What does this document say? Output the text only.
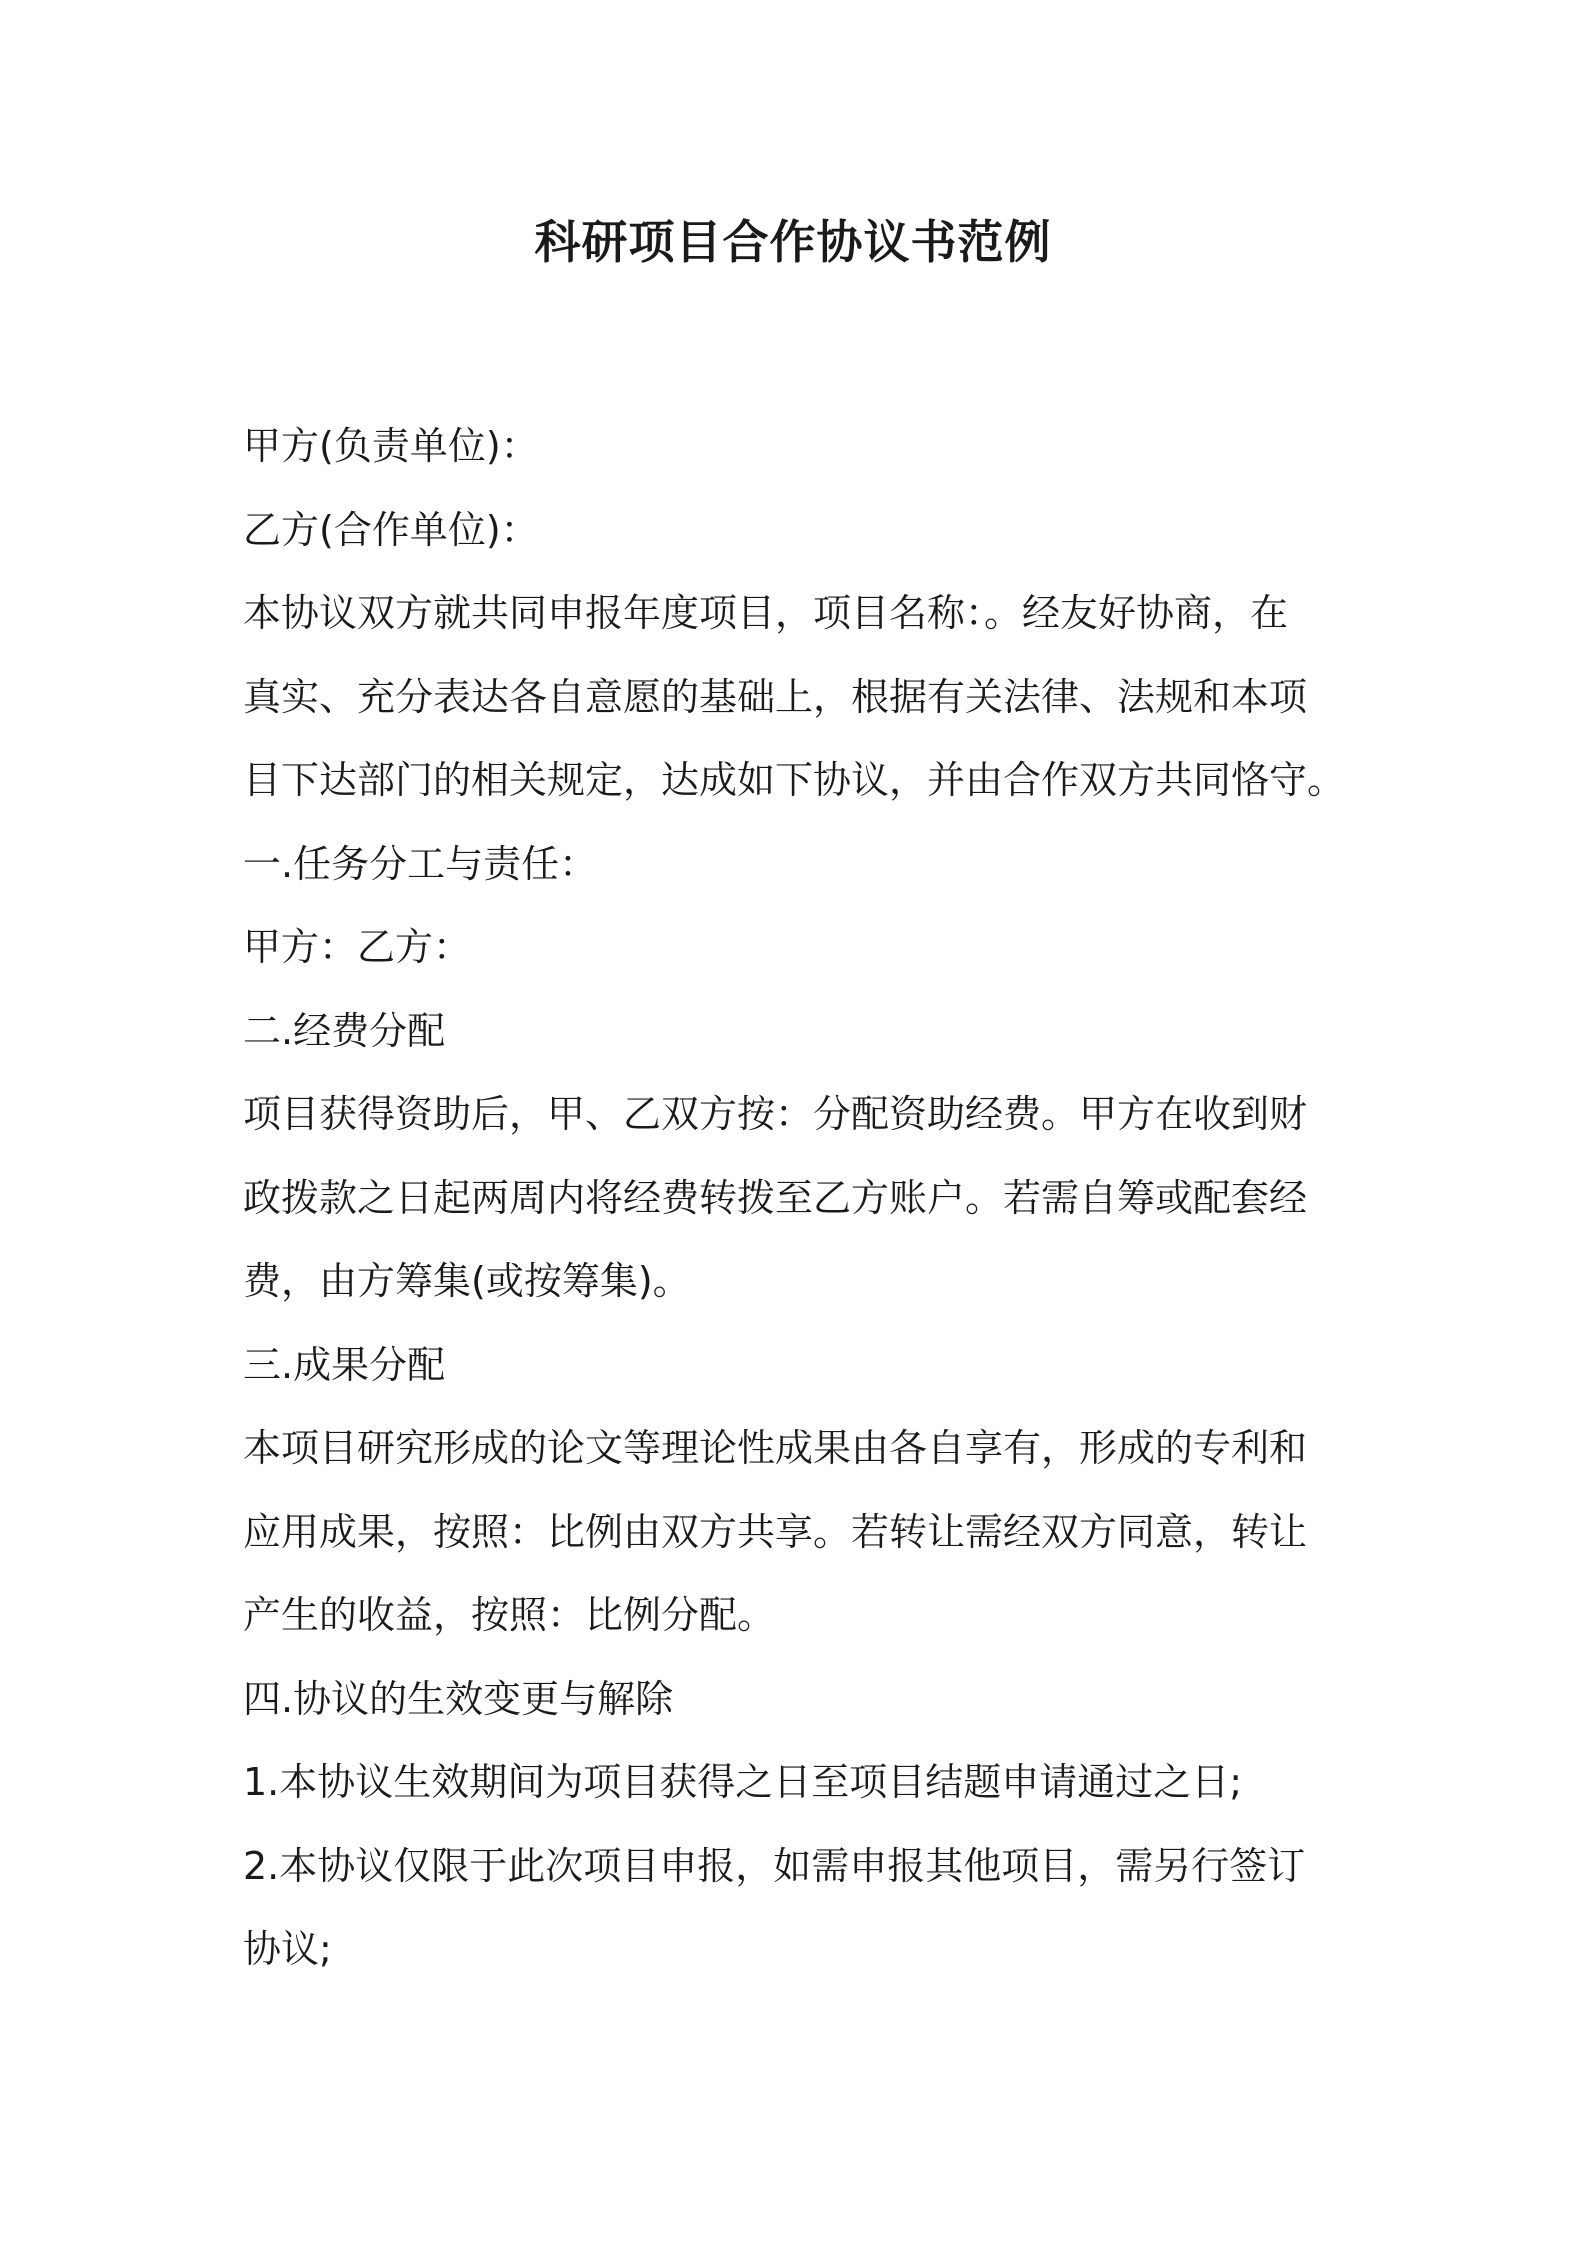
科研项目合作协议书范例
甲方(负责单位)：
乙方(合作单位)：
本协议双方就共同申报年度项目，项目名称：。经友好协商，在
真实、充分表达各自意愿的基础上，根据有关法律、法规和本项
目下达部门的相关规定，达成如下协议，并由合作双方共同恪守。
一.任务分工与责任：
甲方：乙方：
二.经费分配
项目获得资助后，甲、乙双方按：分配资助经费。甲方在收到财
政拨款之日起两周内将经费转拨至乙方账户。若需自筹或配套经
费，由方筹集(或按筹集)。
三.成果分配
本项目研究形成的论文等理论性成果由各自享有，形成的专利和
应用成果，按照：比例由双方共享。若转让需经双方同意，转让
产生的收益，按照：比例分配。
四.协议的生效变更与解除
1.本协议生效期间为项目获得之日至项目结题申请通过之日;
2.本协议仅限于此次项目申报，如需申报其他项目，需另行签订
协议;
